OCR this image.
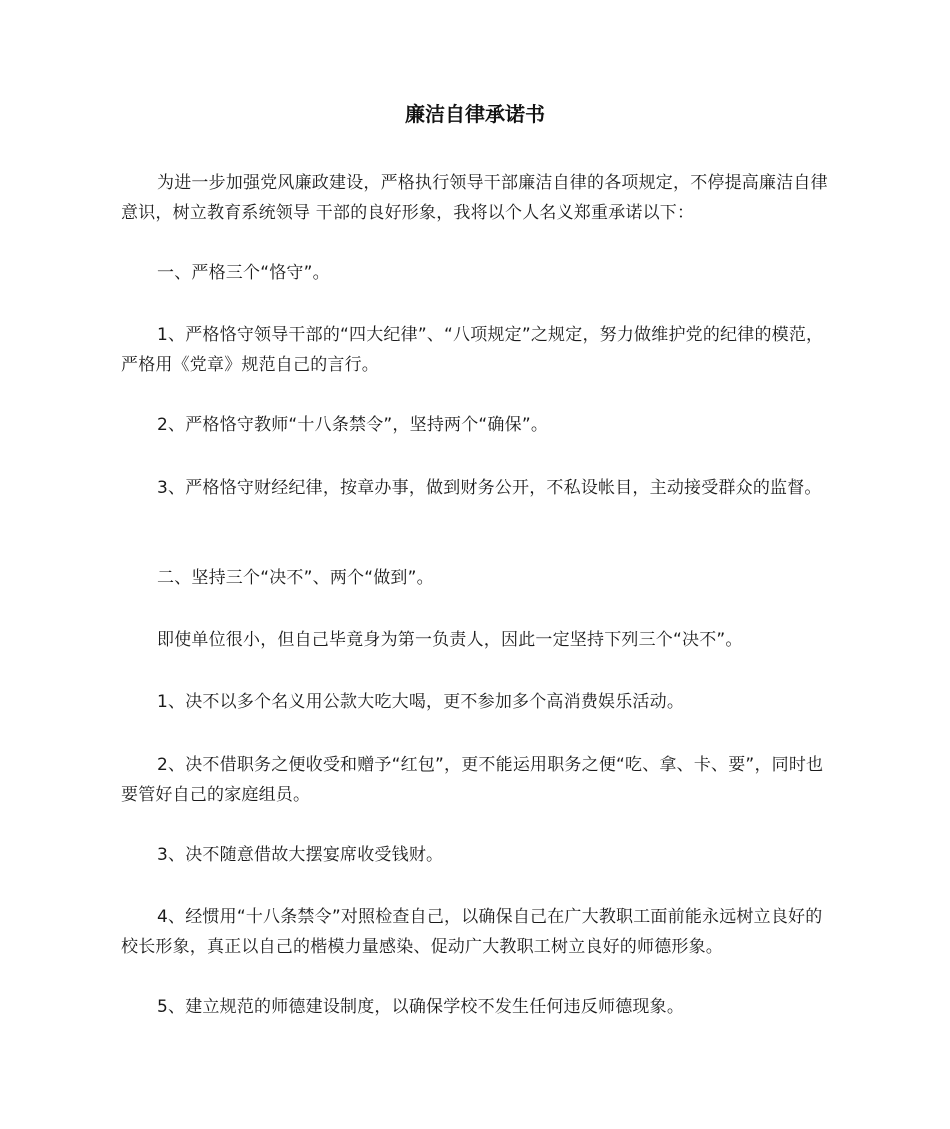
廉洁自律承诺书

为进一步加强党风廉政建设，严格执行领导干部廉洁自律的各项规定，不停提高廉洁自律意识，树立教育系统领导 干部的良好形象，我将以个人名义郑重承诺以下：

一、严格三个“恪守”。

1、严格恪守领导干部的“四大纪律”、“八项规定”之规定，努力做维护党的纪律的模范，严格用《党章》规范自己的言行。

2、严格恪守教师“十八条禁令”，坚持两个“确保”。

3、严格恪守财经纪律，按章办事，做到财务公开，不私设帐目，主动接受群众的监督。

二、坚持三个“决不”、两个“做到”。

即使单位很小，但自己毕竟身为第一负责人，因此一定坚持下列三个“决不”。

1、决不以多个名义用公款大吃大喝，更不参加多个高消费娱乐活动。

2、决不借职务之便收受和赠予“红包”，更不能运用职务之便“吃、拿、卡、要”，同时也要管好自己的家庭组员。

3、决不随意借故大摆宴席收受钱财。

4、经惯用“十八条禁令”对照检查自己，以确保自己在广大教职工面前能永远树立良好的校长形象，真正以自己的楷模力量感染、促动广大教职工树立良好的师德形象。

5、建立规范的师德建设制度，以确保学校不发生任何违反师德现象。
